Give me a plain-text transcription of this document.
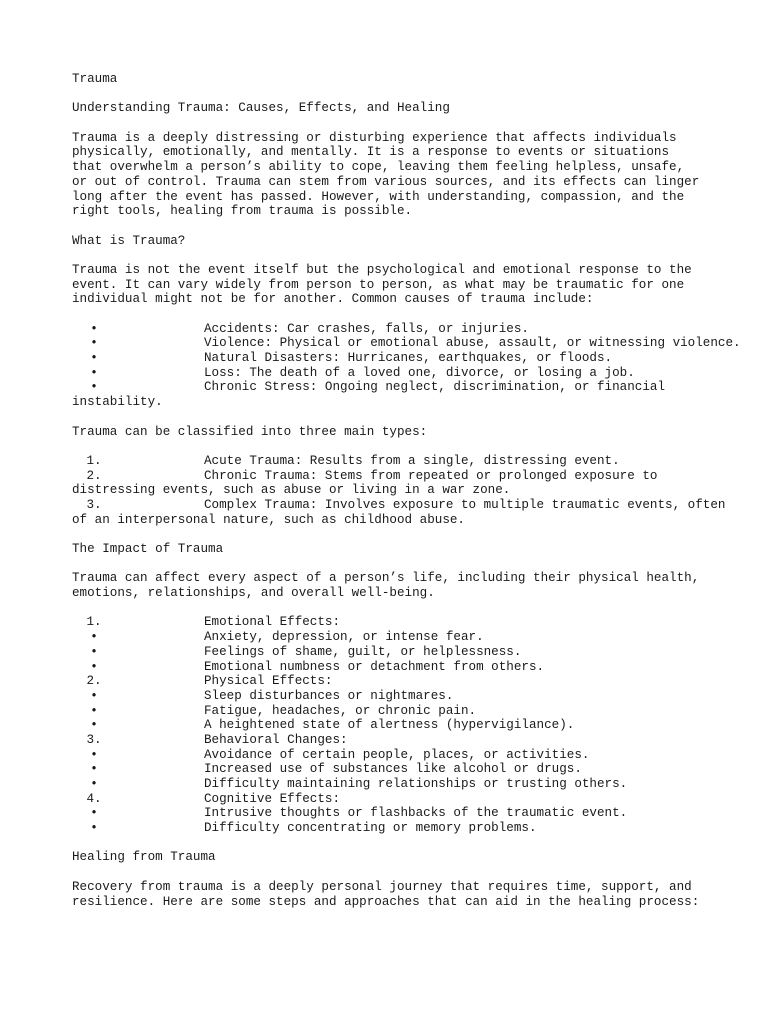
Trauma
Understanding Trauma: Causes, Effects, and Healing
Trauma is a deeply distressing or disturbing experience that affects individuals
physically, emotionally, and mentally. It is a response to events or situations
that overwhelm a person’s ability to cope, leaving them feeling helpless, unsafe,
or out of control. Trauma can stem from various sources, and its effects can linger
long after the event has passed. However, with understanding, compassion, and the
right tools, healing from trauma is possible.
What is Trauma?
Trauma is not the event itself but the psychological and emotional response to the
event. It can vary widely from person to person, as what may be traumatic for one
individual might not be for another. Common causes of trauma include:
•	Accidents: Car crashes, falls, or injuries.
•	Violence: Physical or emotional abuse, assault, or witnessing violence.
•	Natural Disasters: Hurricanes, earthquakes, or floods.
•	Loss: The death of a loved one, divorce, or losing a job.
•	Chronic Stress: Ongoing neglect, discrimination, or financial
instability.
Trauma can be classified into three main types:
1.	Acute Trauma: Results from a single, distressing event.
2.	Chronic Trauma: Stems from repeated or prolonged exposure to
distressing events, such as abuse or living in a war zone.
3.	Complex Trauma: Involves exposure to multiple traumatic events, often
of an interpersonal nature, such as childhood abuse.
The Impact of Trauma
Trauma can affect every aspect of a person’s life, including their physical health,
emotions, relationships, and overall well-being.
1.	Emotional Effects:
•	Anxiety, depression, or intense fear.
•	Feelings of shame, guilt, or helplessness.
•	Emotional numbness or detachment from others.
2.	Physical Effects:
•	Sleep disturbances or nightmares.
•	Fatigue, headaches, or chronic pain.
•	A heightened state of alertness (hypervigilance).
3.	Behavioral Changes:
•	Avoidance of certain people, places, or activities.
•	Increased use of substances like alcohol or drugs.
•	Difficulty maintaining relationships or trusting others.
4.	Cognitive Effects:
•	Intrusive thoughts or flashbacks of the traumatic event.
•	Difficulty concentrating or memory problems.
Healing from Trauma
Recovery from trauma is a deeply personal journey that requires time, support, and
resilience. Here are some steps and approaches that can aid in the healing process:
